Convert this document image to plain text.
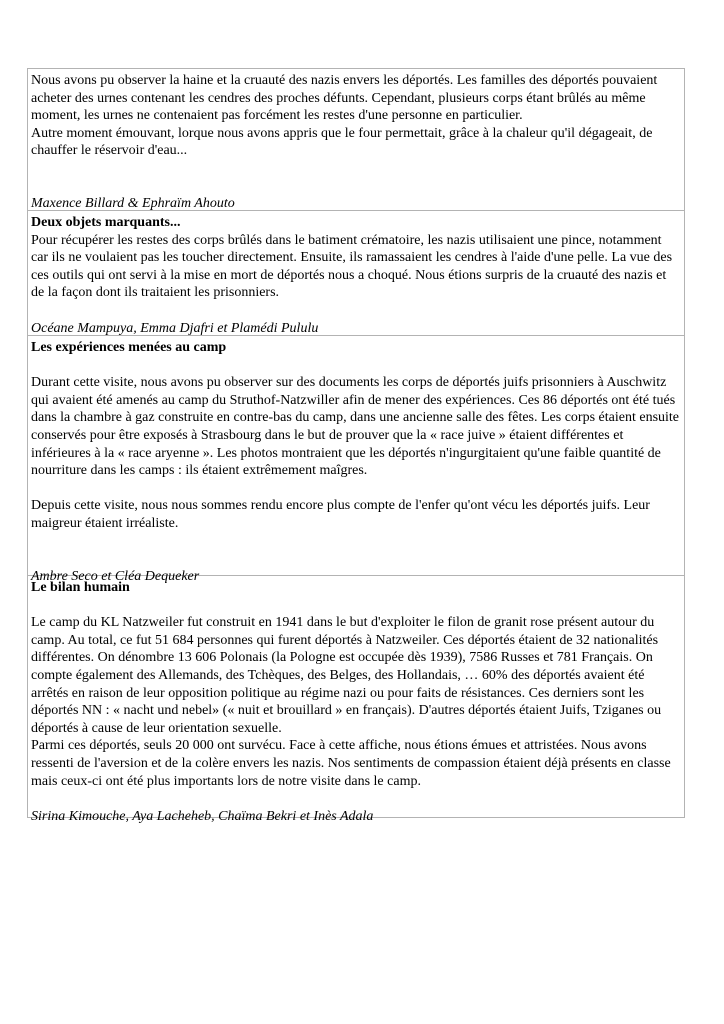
Nous avons pu observer la haine et la cruauté des nazis envers les déportés. Les familles des déportés pouvaient acheter des urnes contenant les cendres des proches défunts. Cependant, plusieurs corps étant brûlés au même moment, les urnes ne contenaient pas forcément les restes d'une personne en particulier.

Autre moment émouvant, lorque nous avons appris que le four permettait, grâce à la chaleur qu'il dégageait, de chauffer le réservoir d'eau...

Maxence Billard & Ephraïm Ahouto

Deux objets marquants...

Pour récupérer les restes des corps brûlés dans le batiment crématoire, les nazis utilisaient une pince, notamment car ils ne voulaient pas les toucher directement. Ensuite, ils ramassaient les cendres à l'aide d'une pelle. La vue des ces outils qui ont servi à la mise en mort de déportés nous a choqué. Nous étions surpris de la cruauté des nazis et de la façon dont ils traitaient les prisonniers.

Océane Mampuya, Emma Djafri et Plamédi Pululu

Les expériences menées au camp

Durant cette visite, nous avons pu observer sur des documents les corps de déportés juifs prisonniers à Auschwitz qui avaient été amenés au camp du Struthof-Natzwiller afin de mener des expériences. Ces 86 déportés ont été tués dans la chambre à gaz construite en contre-bas du camp, dans une ancienne salle des fêtes. Les corps étaient ensuite conservés pour être exposés à Strasbourg dans le but de prouver que la « race juive » étaient différentes et inférieures à la « race aryenne ». Les photos montraient que les déportés n'ingurgitaient qu'une faible quantité de nourriture dans les camps : ils étaient extrêmement maîgres.

Depuis cette visite, nous nous sommes rendu encore plus compte de l'enfer qu'ont vécu les déportés juifs. Leur maigreur étaient irréaliste.

Ambre Seco et Cléa Dequeker

Le bilan humain

Le camp du KL Natzweiler fut construit en 1941 dans le but d'exploiter le filon de granit rose présent autour du camp. Au total, ce fut 51 684 personnes qui furent déportés à Natzweiler. Ces déportés étaient de 32 nationalités différentes. On dénombre 13 606 Polonais (la Pologne est occupée dès 1939), 7586 Russes et 781 Français. On compte également des Allemands, des Tchèques, des Belges, des Hollandais, … 60% des déportés avaient été arrêtés en raison de leur opposition politique au régime nazi ou pour faits de résistances. Ces derniers sont les déportés NN : « nacht und nebel» (« nuit et brouillard » en français). D'autres déportés étaient Juifs, Tziganes ou déportés à cause de leur orientation sexuelle.

Parmi ces déportés, seuls 20 000 ont survécu. Face à cette affiche, nous étions émues et attristées. Nous avons ressenti de l'aversion et de la colère envers les nazis. Nos sentiments de compassion étaient déjà présents en classe mais ceux-ci ont été plus importants lors de notre visite dans le camp.

Sirina Kimouche, Aya Lacheheb, Chaïma Bekri et Inès Adala
